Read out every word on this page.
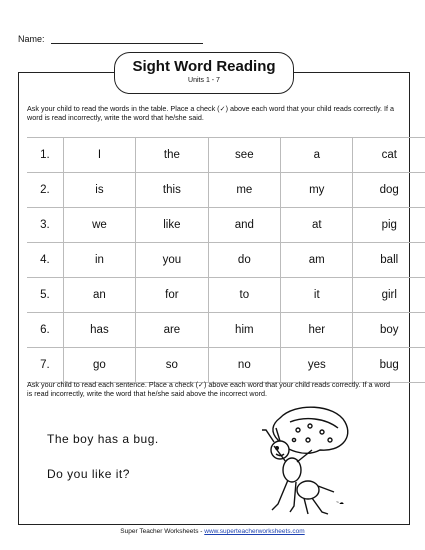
Name:
Sight Word Reading
Units 1 - 7
Ask your child to read the words in the table. Place a check (✓) above each word that your child reads correctly. If a word is read incorrectly, write the word that he/she said.
1.	I	the	see	a	cat
2.	is	this	me	my	dog
3.	we	like	and	at	pig
4.	in	you	do	am	ball
5.	an	for	to	it	girl
6.	has	are	him	her	boy
7.	go	so	no	yes	bug
Ask your child to read each sentence. Place a check (✓) above each word that your child reads correctly. If a word is read incorrectly, write the word that he/she said above the incorrect word.
The boy has a bug.
Do you like it?
~☁
Super Teacher Worksheets - www.superteacherworksheets.com
